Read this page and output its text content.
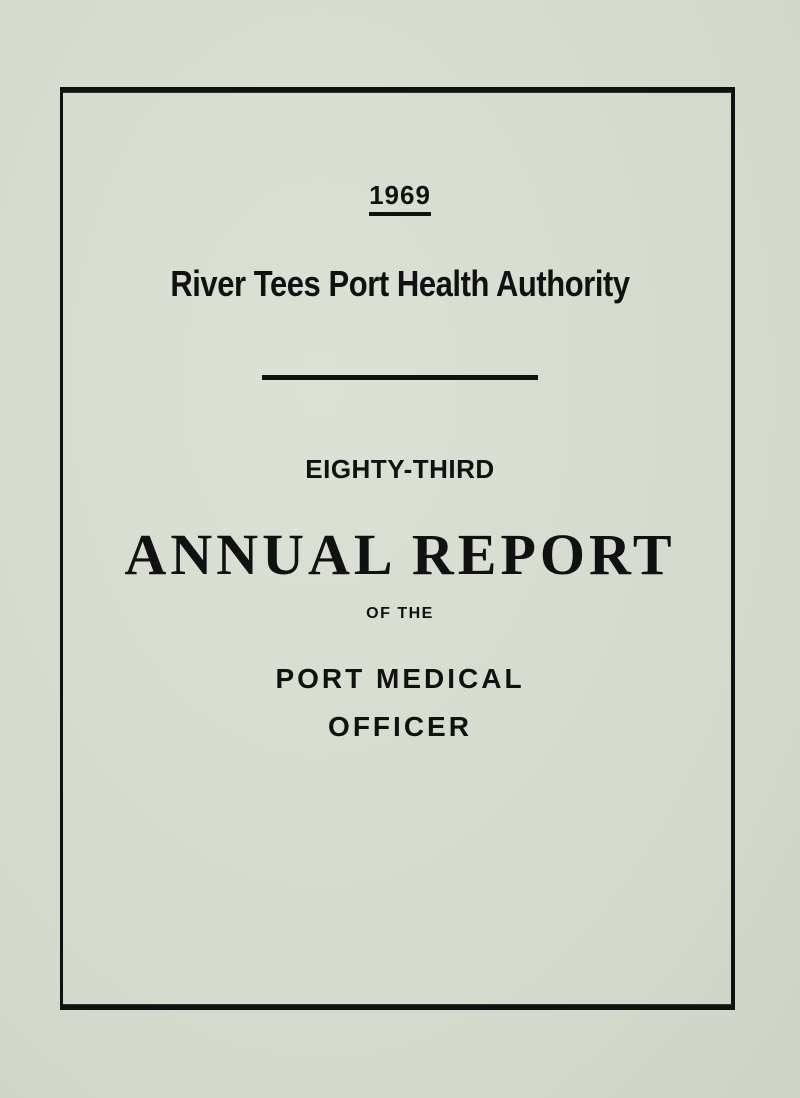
1969

River Tees Port Health Authority

EIGHTY-THIRD

ANNUAL REPORT

OF THE

PORT MEDICAL

OFFICER
